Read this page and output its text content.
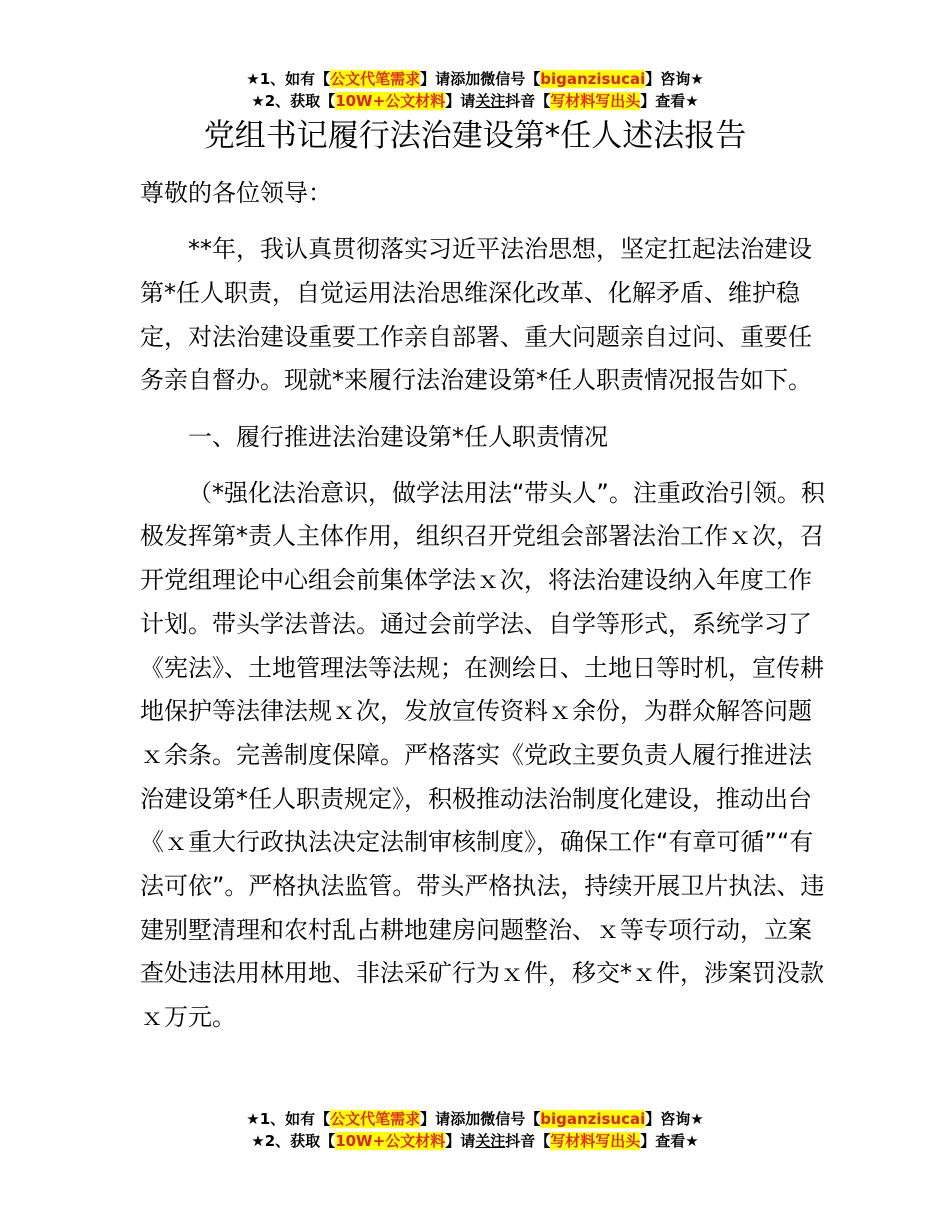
★1、如有【公文代笔需求】请添加微信号【biganzisucai】咨询★
★2、获取【10W+公文材料】请关注抖音【写材料写出头】查看★
党组书记履行法治建设第*任人述法报告

尊敬的各位领导：

**年，我认真贯彻落实习近平法治思想，坚定扛起法治建设第*任人职责，自觉运用法治思维深化改革、化解矛盾、维护稳定，对法治建设重要工作亲自部署、重大问题亲自过问、重要任务亲自督办。现就*来履行法治建设第*任人职责情况报告如下。

一、履行推进法治建设第*任人职责情况

（*强化法治意识，做学法用法“带头人”。注重政治引领。积极发挥第*责人主体作用，组织召开党组会部署法治工作ｘ次，召开党组理论中心组会前集体学法ｘ次，将法治建设纳入年度工作计划。带头学法普法。通过会前学法、自学等形式，系统学习了《宪法》、土地管理法等法规；在测绘日、土地日等时机，宣传耕地保护等法律法规ｘ次，发放宣传资料ｘ余份，为群众解答问题ｘ余条。完善制度保障。严格落实《党政主要负责人履行推进法治建设第*任人职责规定》，积极推动法治制度化建设，推动出台《ｘ重大行政执法决定法制审核制度》，确保工作“有章可循”“有法可依”。严格执法监管。带头严格执法，持续开展卫片执法、违建别墅清理和农村乱占耕地建房问题整治、ｘ等专项行动，立案查处违法用林用地、非法采矿行为ｘ件，移交*ｘ件，涉案罚没款ｘ万元。

★1、如有【公文代笔需求】请添加微信号【biganzisucai】咨询★
★2、获取【10W+公文材料】请关注抖音【写材料写出头】查看★
